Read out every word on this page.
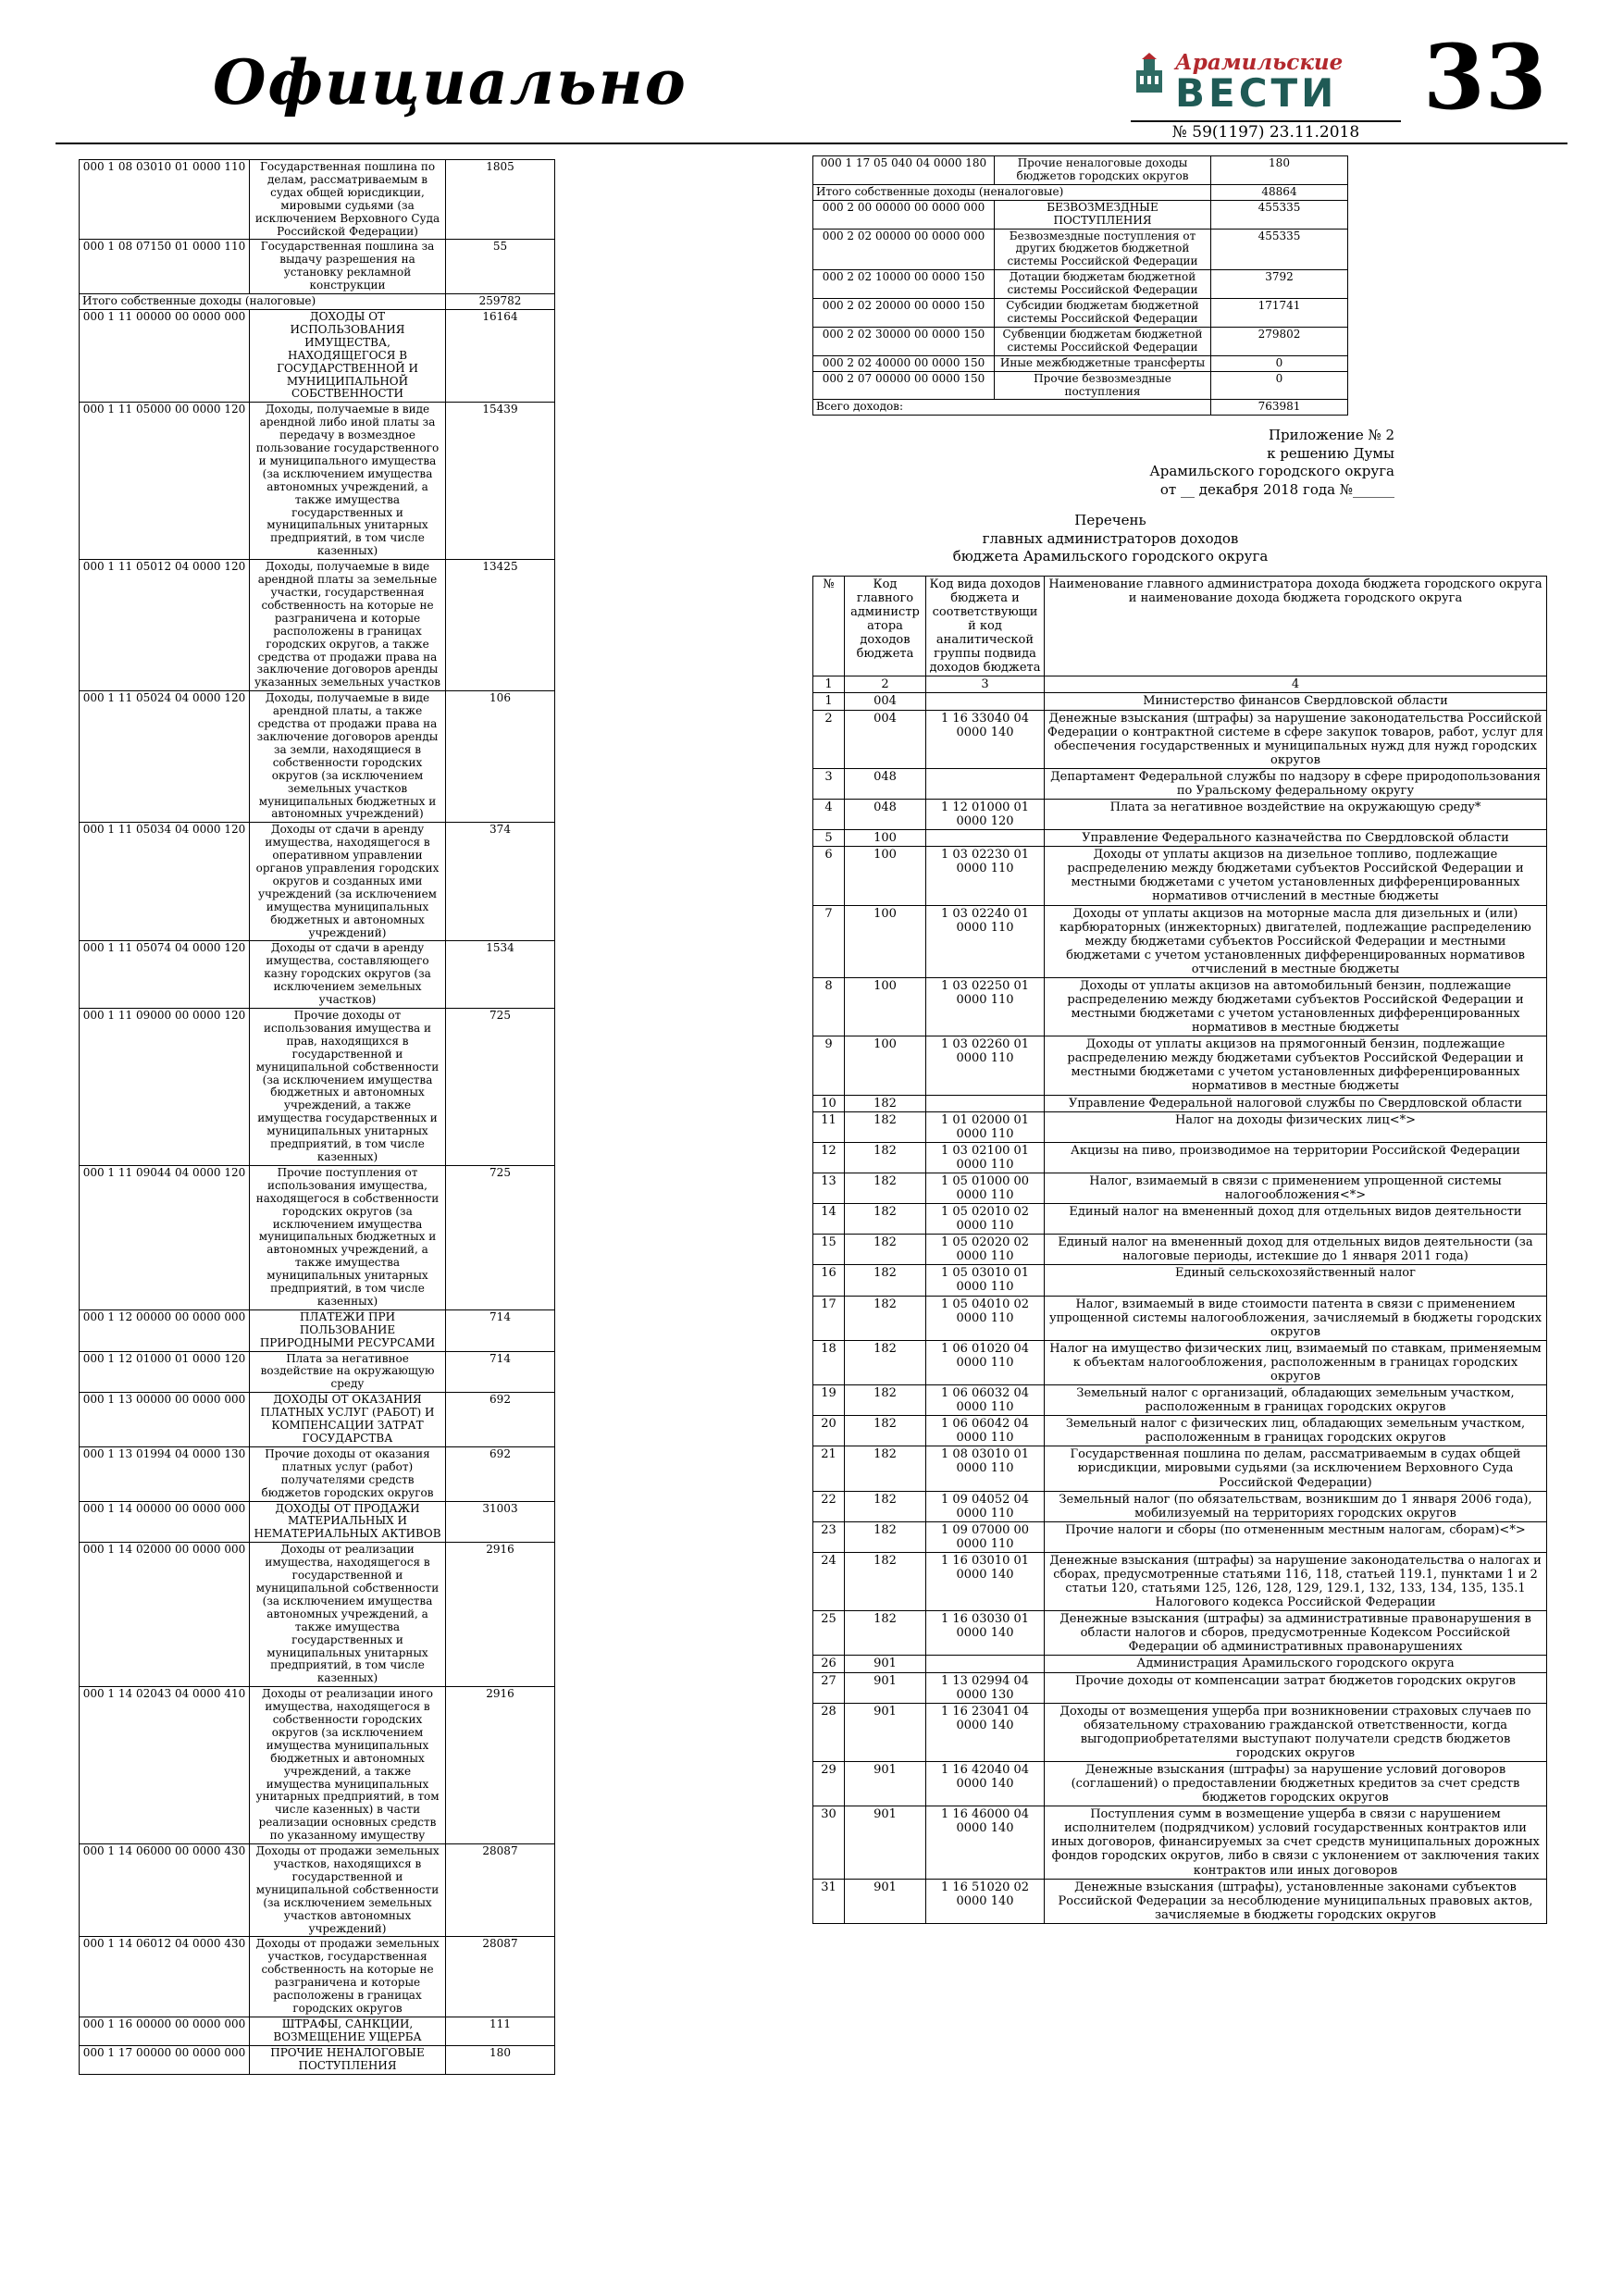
Официально	Арамильские
ВЕСТИ 33
№ 59(1197) 23.11.2018
000 1 08 03010 01 0000 110	Государственная пошлина по делам, рассматриваемым в судах общей юрисдикции, мировыми судьями (за исключением Верховного Суда Российской Федерации)	1805
000 1 08 07150 01 0000 110	Государственная пошлина за выдачу разрешения на установку рекламной конструкции	55
Итого собственные доходы (налоговые)		259782
000 1 11 00000 00 0000 000	ДОХОДЫ ОТ ИСПОЛЬЗОВАНИЯ ИМУЩЕСТВА, НАХОДЯЩЕГОСЯ В ГОСУДАРСТВЕННОЙ И МУНИЦИПАЛЬНОЙ СОБСТВЕННОСТИ	16164
000 1 11 05000 00 0000 120	Доходы, получаемые в виде арендной либо иной платы за передачу в возмездное пользование государственного и муниципального имущества (за исключением имущества автономных учреждений, а также имущества государственных и муниципальных унитарных предприятий, в том числе казенных)	15439
000 1 11 05012 04 0000 120	Доходы, получаемые в виде арендной платы за земельные участки, государственная собственность на которые не разграничена и которые расположены в границах городских округов, а также средства от продажи права на заключение договоров аренды указанных земельных участков	13425
000 1 11 05024 04 0000 120	Доходы, получаемые в виде арендной платы, а также средства от продажи права на заключение договоров аренды за земли, находящиеся в собственности городских округов (за исключением земельных участков муниципальных бюджетных и автономных учреждений)	106
000 1 11 05034 04 0000 120	Доходы от сдачи в аренду имущества, находящегося в оперативном управлении органов управления городских округов и созданных ими учреждений (за исключением имущества муниципальных бюджетных и автономных учреждений)	374
000 1 11 05074 04 0000 120	Доходы от сдачи в аренду имущества, составляющего казну городских округов (за исключением земельных участков)	1534
000 1 11 09000 00 0000 120	Прочие доходы от использования имущества и прав, находящихся в государственной и муниципальной собственности (за исключением имущества бюджетных и автономных учреждений, а также имущества государственных и муниципальных унитарных предприятий, в том числе казенных)	725
000 1 11 09044 04 0000 120	Прочие поступления от использования имущества, находящегося в собственности городских округов (за исключением имущества муниципальных бюджетных и автономных учреждений, а также имущества муниципальных унитарных предприятий, в том числе казенных)	725
000 1 12 00000 00 0000 000	ПЛАТЕЖИ ПРИ ПОЛЬЗОВАНИЕ ПРИРОДНЫМИ РЕСУРСАМИ	714
000 1 12 01000 01 0000 120	Плата за негативное воздействие на окружающую среду	714
000 1 13 00000 00 0000 000	ДОХОДЫ ОТ ОКАЗАНИЯ ПЛАТНЫХ УСЛУГ (РАБОТ) И КОМПЕНСАЦИИ ЗАТРАТ ГОСУДАРСТВА	692
000 1 13 01994 04 0000 130	Прочие доходы от оказания платных услуг (работ) получателями средств бюджетов городских округов	692
000 1 14 00000 00 0000 000	ДОХОДЫ ОТ ПРОДАЖИ МАТЕРИАЛЬНЫХ И НЕМАТЕРИАЛЬНЫХ АКТИВОВ	31003
000 1 14 02000 00 0000 000	Доходы от реализации имущества, находящегося в государственной и муниципальной собственности (за исключением имущества автономных учреждений, а также имущества государственных и муниципальных унитарных предприятий, в том числе казенных)	2916
000 1 14 02043 04 0000 410	Доходы от реализации иного имущества, находящегося в собственности городских округов (за исключением имущества муниципальных бюджетных и автономных учреждений, а также имущества муниципальных унитарных предприятий, в том числе казенных) в части реализации основных средств по указанному имуществу	2916
000 1 14 06000 00 0000 430	Доходы от продажи земельных участков, находящихся в государственной и муниципальной собственности (за исключением земельных участков автономных учреждений)	28087
000 1 14 06012 04 0000 430	Доходы от продажи земельных участков, государственная собственность на которые не разграничена и которые расположены в границах городских округов	28087
000 1 16 00000 00 0000 000	ШТРАФЫ, САНКЦИИ, ВОЗМЕЩЕНИЕ УЩЕРБА	111
000 1 17 00000 00 0000 000	ПРОЧИЕ НЕНАЛОГОВЫЕ ПОСТУПЛЕНИЯ	180
000 1 17 05 040 04 0000 180	Прочие неналоговые доходы бюджетов городских округов	180
Итого собственные доходы (неналоговые)		48864
000 2 00 00000 00 0000 000	БЕЗВОЗМЕЗДНЫЕ ПОСТУПЛЕНИЯ	455335
000 2 02 00000 00 0000 000	Безвозмездные поступления от других бюджетов бюджетной системы Российской Федерации	455335
000 2 02 10000 00 0000 150	Дотации бюджетам бюджетной системы Российской Федерации	3792
000 2 02 20000 00 0000 150	Субсидии бюджетам бюджетной системы Российской Федерации	171741
000 2 02 30000 00 0000 150	Субвенции бюджетам бюджетной системы Российской Федерации	279802
000 2 02 40000 00 0000 150	Иные межбюджетные трансферты	0
000 2 07 00000 00 0000 150	Прочие безвозмездные поступления	0
Всего доходов:		763981
Приложение № 2
к решению Думы
Арамильского городского округа
от __ декабря 2018 года №______
Перечень
главных администраторов доходов
бюджета Арамильского городского округа
№	Код главного администратора доходов бюджета	Код вида доходов бюджета и соответствующий код аналитической группы подвида доходов бюджета	Наименование главного администратора дохода бюджета городского округа и наименование дохода бюджета городского округа
1	2	3	4
1	004		Министерство финансов Свердловской области
2	004	1 16 33040 04 0000 140	Денежные взыскания (штрафы) за нарушение законодательства Российской Федерации о контрактной системе в сфере закупок товаров, работ, услуг для обеспечения государственных и муниципальных нужд для нужд городских округов
3	048		Департамент Федеральной службы по надзору в сфере природопользования по Уральскому федеральному округу
4	048	1 12 01000 01 0000 120	Плата за негативное воздействие на окружающую среду*
5	100		Управление Федерального казначейства по Свердловской области
6	100	1 03 02230 01 0000 110	Доходы от уплаты акцизов на дизельное топливо, подлежащие распределению между бюджетами субъектов Российской Федерации и местными бюджетами с учетом установленных дифференцированных нормативов отчислений в местные бюджеты
7	100	1 03 02240 01 0000 110	Доходы от уплаты акцизов на моторные масла для дизельных и (или) карбюраторных (инжекторных) двигателей, подлежащие распределению между бюджетами субъектов Российской Федерации и местными бюджетами с учетом установленных дифференцированных нормативов отчислений в местные бюджеты
8	100	1 03 02250 01 0000 110	Доходы от уплаты акцизов на автомобильный бензин, подлежащие распределению между бюджетами субъектов Российской Федерации и местными бюджетами с учетом установленных дифференцированных нормативов в местные бюджеты
9	100	1 03 02260 01 0000 110	Доходы от уплаты акцизов на прямогонный бензин, подлежащие распределению между бюджетами субъектов Российской Федерации и местными бюджетами с учетом установленных дифференцированных нормативов в местные бюджеты
10	182		Управление Федеральной налоговой службы по Свердловской области
11	182	1 01 02000 01 0000 110	Налог на доходы физических лиц<*>
12	182	1 03 02100 01 0000 110	Акцизы на пиво, производимое на территории Российской Федерации
13	182	1 05 01000 00 0000 110	Налог, взимаемый в связи с применением упрощенной системы налогообложения<*>
14	182	1 05 02010 02 0000 110	Единый налог на вмененный доход для отдельных видов деятельности
15	182	1 05 02020 02 0000 110	Единый налог на вмененный доход для отдельных видов деятельности (за налоговые периоды, истекшие до 1 января 2011 года)
16	182	1 05 03010 01 0000 110	Единый сельскохозяйственный налог
17	182	1 05 04010 02 0000 110	Налог, взимаемый в виде стоимости патента в связи с применением упрощенной системы налогообложения, зачисляемый в бюджеты городских округов
18	182	1 06 01020 04 0000 110	Налог на имущество физических лиц, взимаемый по ставкам, применяемым к объектам налогообложения, расположенным в границах городских округов
19	182	1 06 06032 04 0000 110	Земельный налог с организаций, обладающих земельным участком, расположенным в границах городских округов
20	182	1 06 06042 04 0000 110	Земельный налог с физических лиц, обладающих земельным участком, расположенным в границах городских округов
21	182	1 08 03010 01 0000 110	Государственная пошлина по делам, рассматриваемым в судах общей юрисдикции, мировыми судьями (за исключением Верховного Суда Российской Федерации)
22	182	1 09 04052 04 0000 110	Земельный налог (по обязательствам, возникшим до 1 января 2006 года), мобилизуемый на территориях городских округов
23	182	1 09 07000 00 0000 110	Прочие налоги и сборы (по отмененным местным налогам, сборам)<*>
24	182	1 16 03010 01 0000 140	Денежные взыскания (штрафы) за нарушение законодательства о налогах и сборах, предусмотренные статьями 116, 118, статьей 119.1, пунктами 1 и 2 статьи 120, статьями 125, 126, 128, 129, 129.1, 132, 133, 134, 135, 135.1 Налогового кодекса Российской Федерации
25	182	1 16 03030 01 0000 140	Денежные взыскания (штрафы) за административные правонарушения в области налогов и сборов, предусмотренные Кодексом Российской Федерации об административных правонарушениях
26	901		Администрация Арамильского городского округа
27	901	1 13 02994 04 0000 130	Прочие доходы от компенсации затрат бюджетов городских округов
28	901	1 16 23041 04 0000 140	Доходы от возмещения ущерба при возникновении страховых случаев по обязательному страхованию гражданской ответственности, когда выгодоприобретателями выступают получатели средств бюджетов городских округов
29	901	1 16 42040 04 0000 140	Денежные взыскания (штрафы) за нарушение условий договоров (соглашений) о предоставлении бюджетных кредитов за счет средств бюджетов городских округов
30	901	1 16 46000 04 0000 140	Поступления сумм в возмещение ущерба в связи с нарушением исполнителем (подрядчиком) условий государственных контрактов или иных договоров, финансируемых за счет средств муниципальных дорожных фондов городских округов, либо в связи с уклонением от заключения таких контрактов или иных договоров
31	901	1 16 51020 02 0000 140	Денежные взыскания (штрафы), установленные законами субъектов Российской Федерации за несоблюдение муниципальных правовых актов, зачисляемые в бюджеты городских округов
